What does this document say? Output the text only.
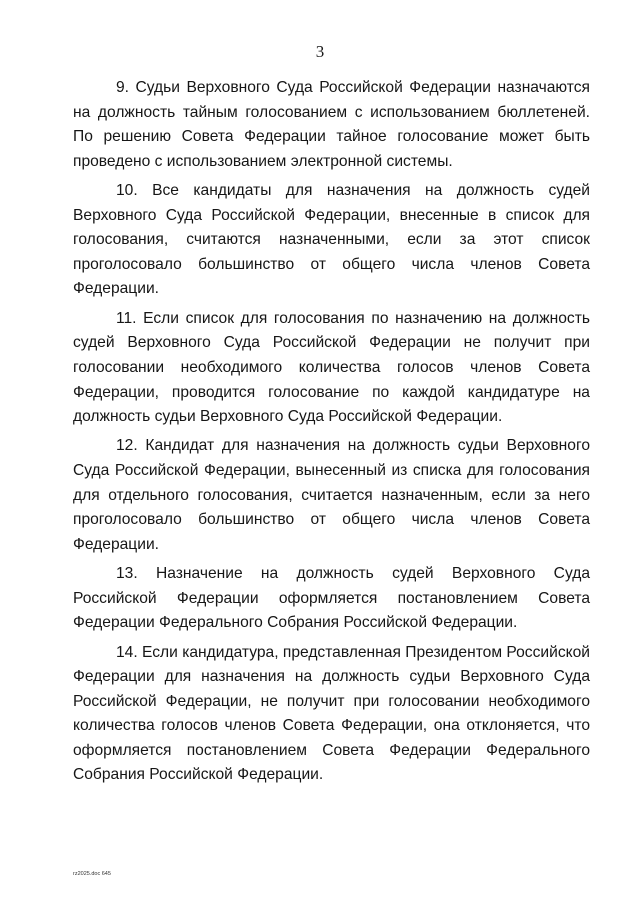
3

9. Судьи Верховного Суда Российской Федерации назначаются на должность тайным голосованием с использованием бюллетеней. По решению Совета Федерации тайное голосование может быть проведено с использованием электронной системы.

10. Все кандидаты для назначения на должность судей Верховного Суда Российской Федерации, внесенные в список для голосования, считаются назначенными, если за этот список проголосовало большинство от общего числа членов Совета Федерации.

11. Если список для голосования по назначению на должность судей Верховного Суда Российской Федерации не получит при голосовании необходимого количества голосов членов Совета Федерации, проводится голосование по каждой кандидатуре на должность судьи Верховного Суда Российской Федерации.

12. Кандидат для назначения на должность судьи Верховного Суда Российской Федерации, вынесенный из списка для голосования для отдельного голосования, считается назначенным, если за него проголосовало большинство от общего числа членов Совета Федерации.

13. Назначение на должность судей Верховного Суда Российской Федерации оформляется постановлением Совета Федерации Федерального Собрания Российской Федерации.

14. Если кандидатура, представленная Президентом Российской Федерации для назначения на должность судьи Верховного Суда Российской Федерации, не получит при голосовании необходимого количества голосов членов Совета Федерации, она отклоняется, что оформляется постановлением Совета Федерации Федерального Собрания Российской Федерации.

rz2025.doc 645
